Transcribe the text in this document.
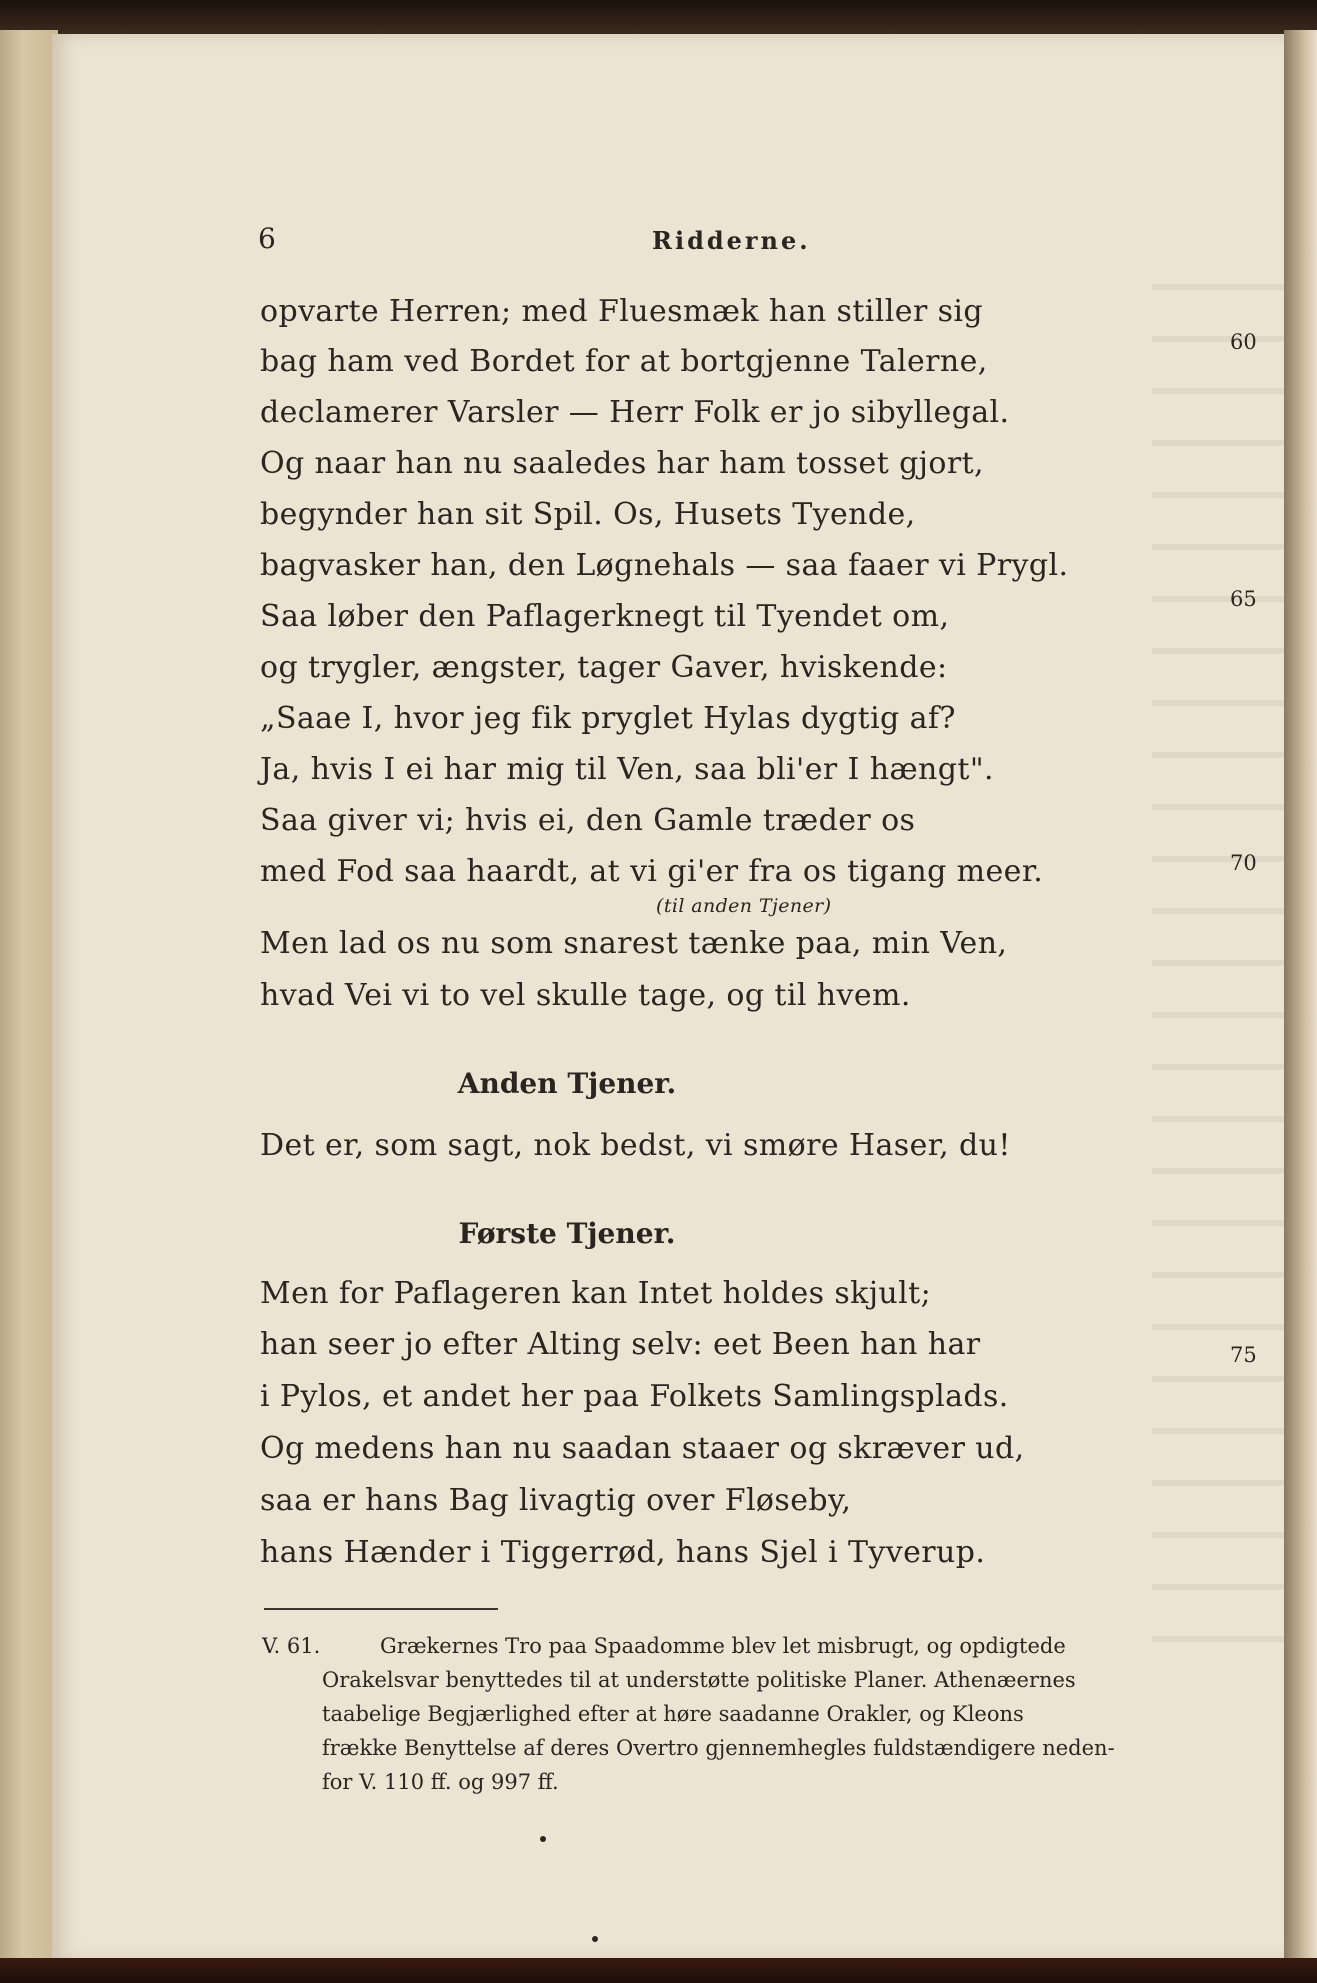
6	Ridderne.
opvarte Herren; med Fluesmæk han stiller sig
bag ham ved Bordet for at bortgjenne Talerne,
declamerer Varsler — Herr Folk er jo sibyllegal.
Og naar han nu saaledes har ham tosset gjort,
begynder han sit Spil. Os, Husets Tyende,
bagvasker han, den Løgnehals — saa faaer vi Prygl.
Saa løber den Paflagerknegt til Tyendet om,
og trygler, ængster, tager Gaver, hviskende:
„Saae I, hvor jeg fik pryglet Hylas dygtig af?
Ja, hvis I ei har mig til Ven, saa bli'er I hængt".
Saa giver vi; hvis ei, den Gamle træder os
med Fod saa haardt, at vi gi'er fra os tigang meer.
(til anden Tjener)
Men lad os nu som snarest tænke paa, min Ven,
hvad Vei vi to vel skulle tage, og til hvem.
Anden Tjener.
Det er, som sagt, nok bedst, vi smøre Haser, du!
Første Tjener.
Men for Paflageren kan Intet holdes skjult;
han seer jo efter Alting selv: eet Been han har
i Pylos, et andet her paa Folkets Samlingsplads.
Og medens han nu saadan staaer og skræver ud,
saa er hans Bag livagtig over Fløseby,
hans Hænder i Tiggerrød, hans Sjel i Tyverup.
60
65
70
75
V. 61.	Grækernes Tro paa Spaadomme blev let misbrugt, og opdigtede
Orakelsvar benyttedes til at understøtte politiske Planer. Athenæernes
taabelige Begjærlighed efter at høre saadanne Orakler, og Kleons
frække Benyttelse af deres Overtro gjennemhegles fuldstændigere neden-
for V. 110 ff. og 997 ff.
